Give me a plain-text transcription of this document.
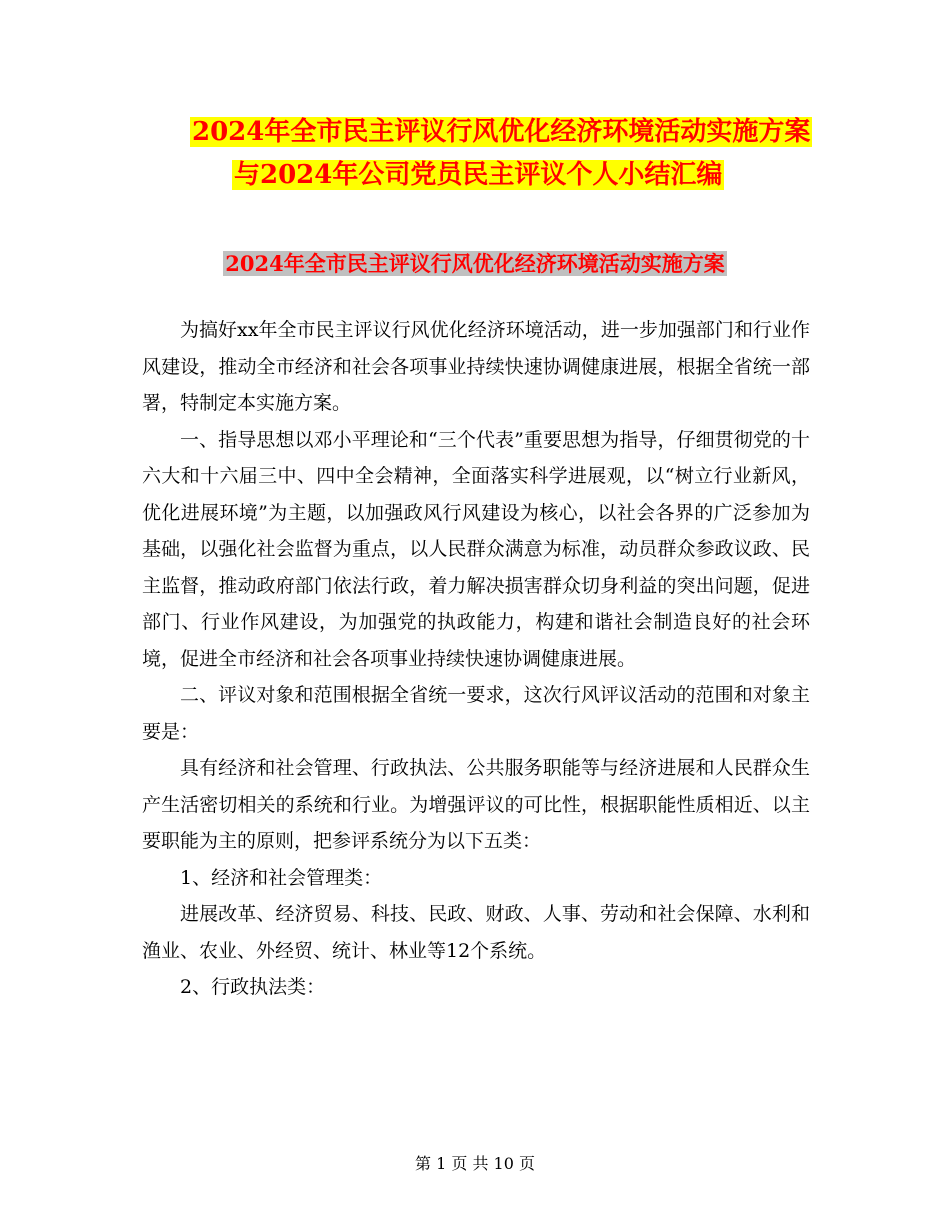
2024年全市民主评议行风优化经济环境活动实施方案
与2024年公司党员民主评议个人小结汇编
2024年全市民主评议行风优化经济环境活动实施方案

为搞好xx年全市民主评议行风优化经济环境活动，进一步加强部门和行业作风建设，推动全市经济和社会各项事业持续快速协调健康进展，根据全省统一部署，特制定本实施方案。

一、指导思想以邓小平理论和“三个代表”重要思想为指导，仔细贯彻党的十六大和十六届三中、四中全会精神，全面落实科学进展观，以“树立行业新风，优化进展环境”为主题，以加强政风行风建设为核心，以社会各界的广泛参加为基础，以强化社会监督为重点，以人民群众满意为标准，动员群众参政议政、民主监督，推动政府部门依法行政，着力解决损害群众切身利益的突出问题，促进部门、行业作风建设，为加强党的执政能力，构建和谐社会制造良好的社会环境，促进全市经济和社会各项事业持续快速协调健康进展。

二、评议对象和范围根据全省统一要求，这次行风评议活动的范围和对象主要是：

具有经济和社会管理、行政执法、公共服务职能等与经济进展和人民群众生产生活密切相关的系统和行业。为增强评议的可比性，根据职能性质相近、以主要职能为主的原则，把参评系统分为以下五类：

1、经济和社会管理类：

进展改革、经济贸易、科技、民政、财政、人事、劳动和社会保障、水利和渔业、农业、外经贸、统计、林业等12个系统。

2、行政执法类：

第 1 页 共 10 页
